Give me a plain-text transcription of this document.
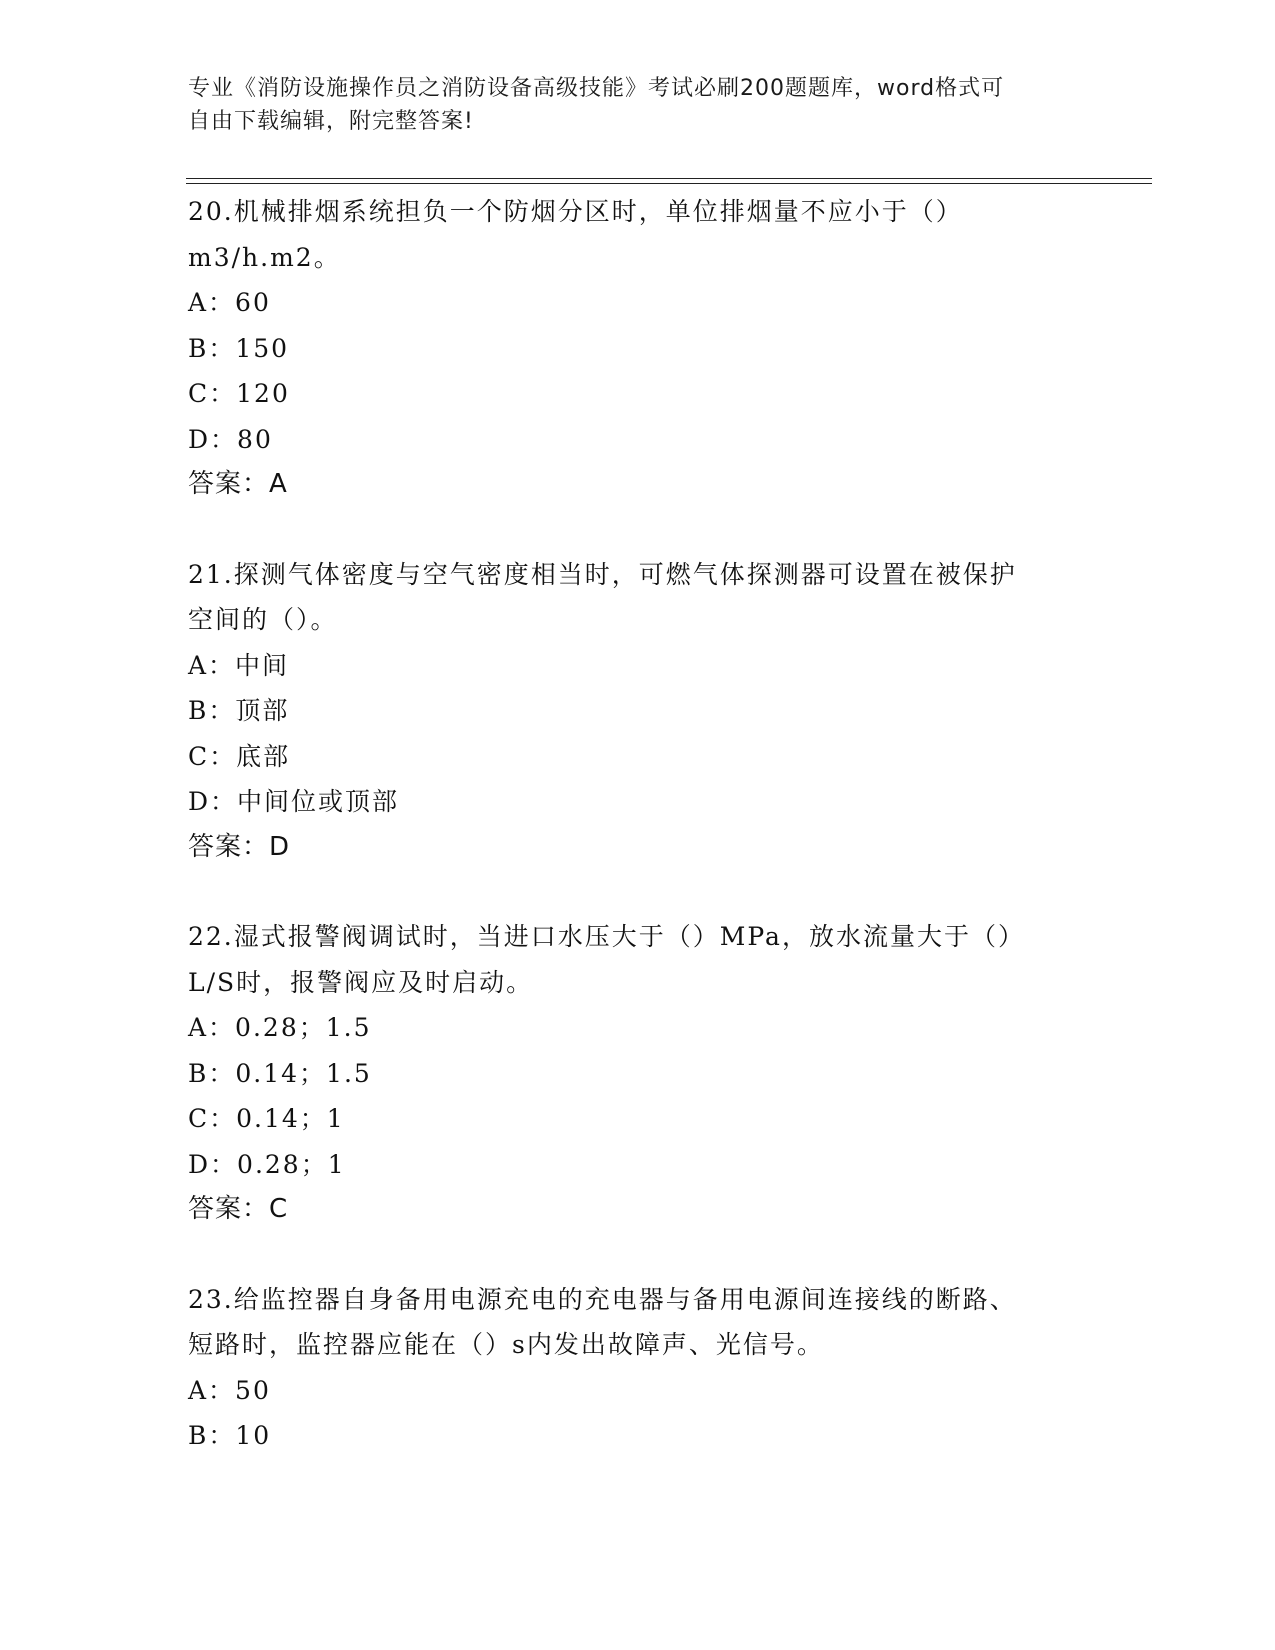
专业《消防设施操作员之消防设备高级技能》考试必刷200题题库，word格式可
自由下载编辑，附完整答案!
20.机械排烟系统担负一个防烟分区时，单位排烟量不应小于（）
m3/h.m2。
A：60
B：150
C：120
D：80
答案：A
21.探测气体密度与空气密度相当时，可燃气体探测器可设置在被保护
空间的（）。
A：中间
B：顶部
C：底部
D：中间位或顶部
答案：D
22.湿式报警阀调试时，当进口水压大于（）MPa，放水流量大于（）
L/S时，报警阀应及时启动。
A：0.28；1.5
B：0.14；1.5
C：0.14；1
D：0.28；1
答案：C
23.给监控器自身备用电源充电的充电器与备用电源间连接线的断路、
短路时，监控器应能在（）s内发出故障声、光信号。
A：50
B：10
